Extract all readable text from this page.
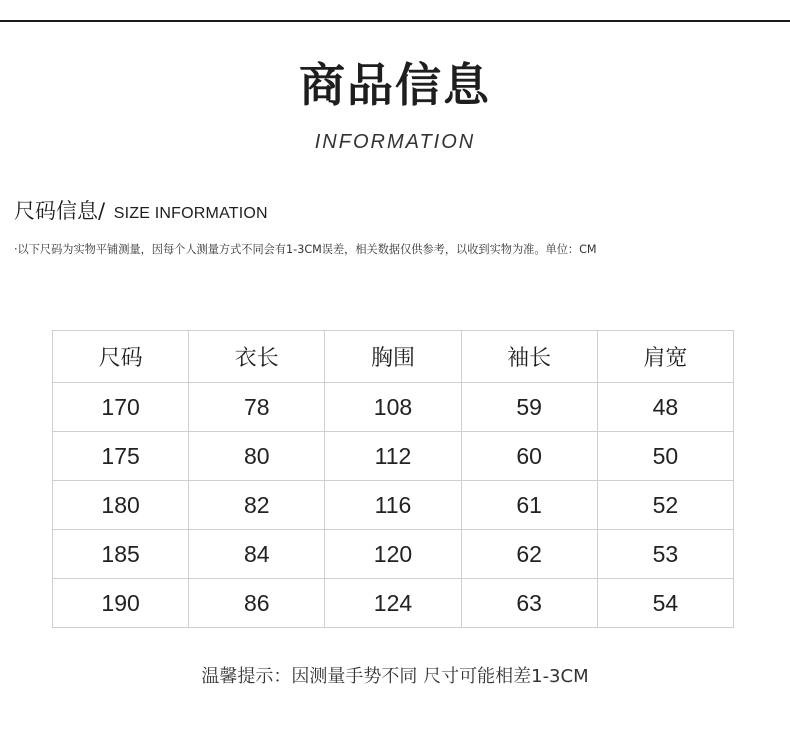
商品信息
INFORMATION
尺码信息/ SIZE INFORMATION
·以下尺码为实物平铺测量，因每个人测量方式不同会有1-3CM误差，相关数据仅供参考，以收到实物为准。单位：CM
尺码	衣长	胸围	袖长	肩宽
170	78	108	59	48
175	80	112	60	50
180	82	116	61	52
185	84	120	62	53
190	86	124	63	54
温馨提示：因测量手势不同 尺寸可能相差1-3CM
